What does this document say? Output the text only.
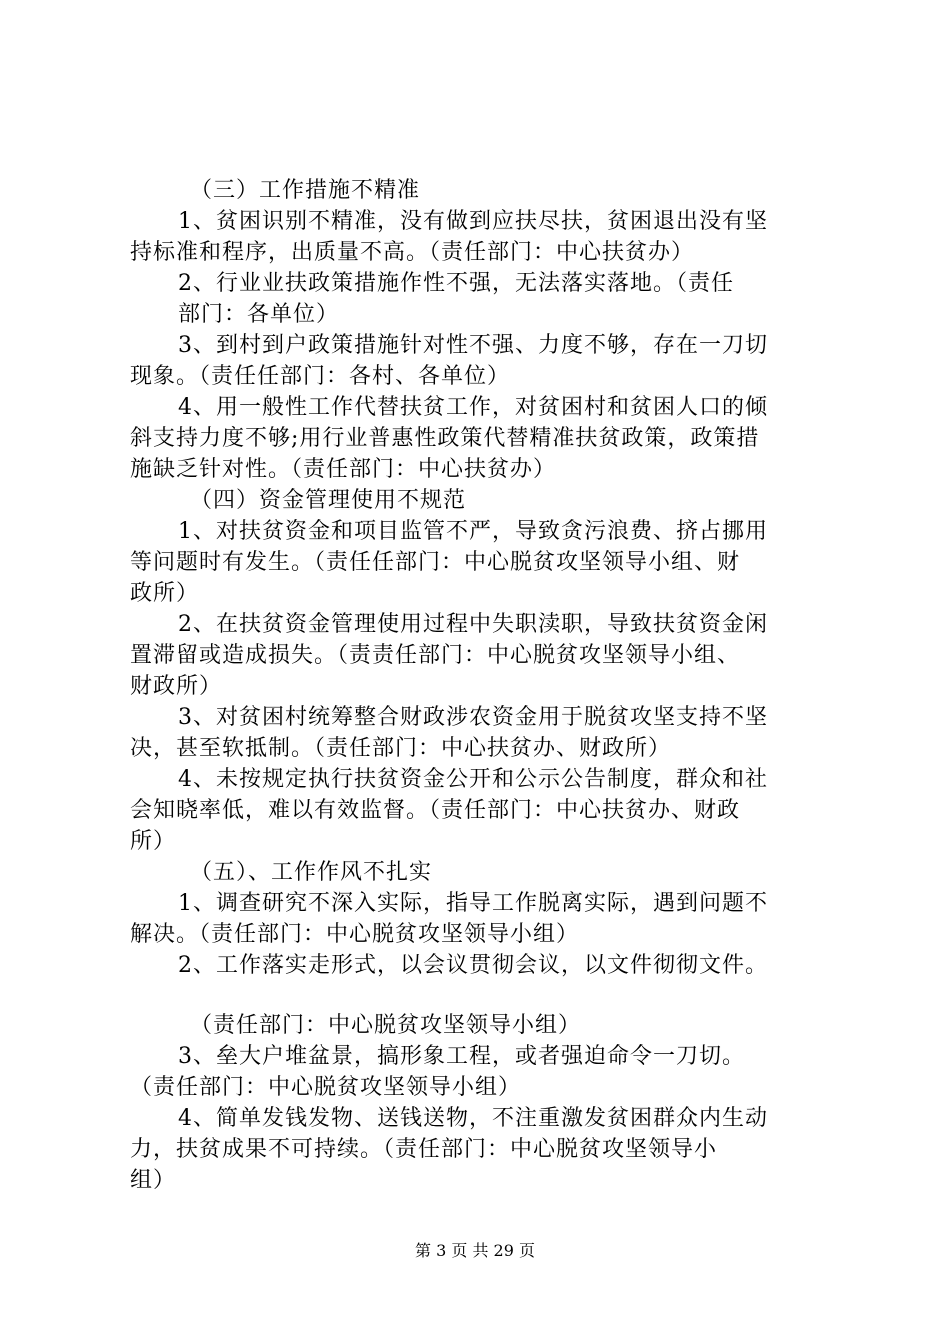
（三）工作措施不精准
1、贫困识别不精准，没有做到应扶尽扶，贫困退出没有坚
持标准和程序，出质量不高。（责任部门：中心扶贫办）
2、行业业扶政策措施作性不强，无法落实落地。（责任
部门：各单位）
3、到村到户政策措施针对性不强、力度不够，存在一刀切
现象。（责任任部门：各村、各单位）
4、用一般性工作代替扶贫工作，对贫困村和贫困人口的倾
斜支持力度不够;用行业普惠性政策代替精准扶贫政策，政策措
施缺乏针对性。（责任部门：中心扶贫办）
（四）资金管理使用不规范
1、对扶贫资金和项目监管不严，导致贪污浪费、挤占挪用
等问题时有发生。（责任任部门：中心脱贫攻坚领导小组、财
政所）
2、在扶贫资金管理使用过程中失职渎职，导致扶贫资金闲
置滞留或造成损失。（责责任部门：中心脱贫攻坚领导小组、
财政所）
3、对贫困村统筹整合财政涉农资金用于脱贫攻坚支持不坚
决，甚至软抵制。（责任部门：中心扶贫办、财政所）
4、未按规定执行扶贫资金公开和公示公告制度，群众和社
会知晓率低，难以有效监督。（责任部门：中心扶贫办、财政
所）
（五）、工作作风不扎实
1、调查研究不深入实际，指导工作脱离实际，遇到问题不
解决。（责任部门：中心脱贫攻坚领导小组）
2、工作落实走形式，以会议贯彻会议，以文件彻彻文件。
（责任部门：中心脱贫攻坚领导小组）
3、垒大户堆盆景，搞形象工程，或者强迫命令一刀切。
（责任部门：中心脱贫攻坚领导小组）
4、简单发钱发物、送钱送物，不注重激发贫困群众内生动
力，扶贫成果不可持续。（责任部门：中心脱贫攻坚领导小
组）
第 3 页 共 29 页
